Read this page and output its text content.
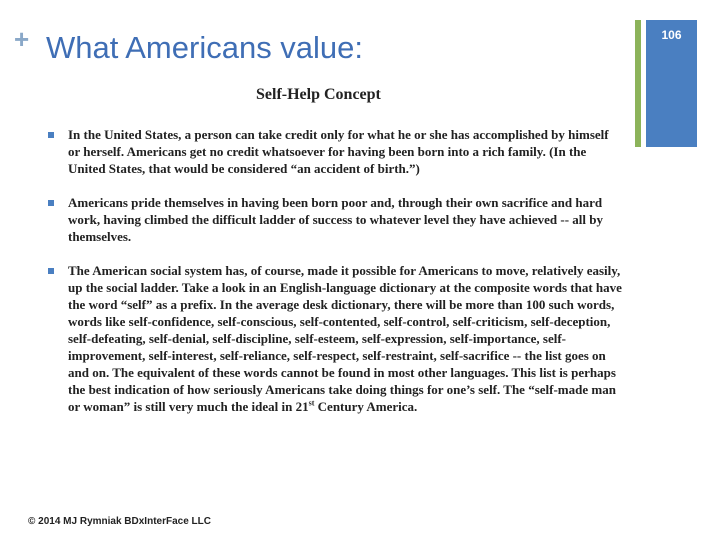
+ What Americans value:	106
Self-Help Concept
In the United States, a person can take credit only for what he or she has accomplished by himself or herself. Americans get no credit whatsoever for having been born into a rich family. (In the United States, that would be considered “an accident of birth.”)
Americans pride themselves in having been born poor and, through their own sacrifice and hard work, having climbed the difficult ladder of success to whatever level they have achieved -- all by themselves.
The American social system has, of course, made it possible for Americans to move, relatively easily, up the social ladder. Take a look in an English-language dictionary at the composite words that have the word “self” as a prefix. In the average desk dictionary, there will be more than 100 such words, words like self-confidence, self-conscious, self-contented, self-control, self-criticism, self-deception, self-defeating, self-denial, self-discipline, self-esteem, self-expression, self-importance, self-improvement, self-interest, self-reliance, self-respect, self-restraint, self-sacrifice -- the list goes on and on. The equivalent of these words cannot be found in most other languages. This list is perhaps the best indication of how seriously Americans take doing things for one’s self. The “self-made man or woman” is still very much the ideal in 21st Century America.
© 2014 MJ Rymniak BDxInterFace LLC
